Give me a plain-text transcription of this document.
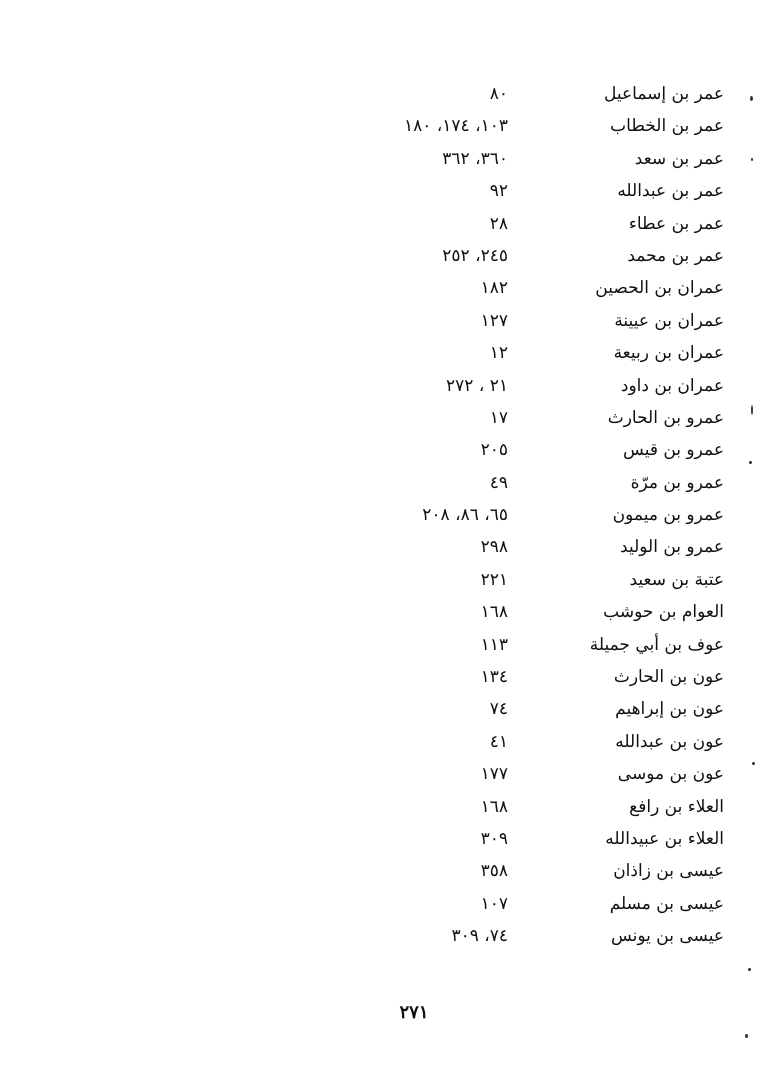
عمر بن إسماعيل
٨٠
عمر بن الخطاب
١٠٣، ١٧٤، ١٨٠
عمر بن سعد
٣٦٠، ٣٦٢
عمر بن عبدالله
٩٢
عمر بن عطاء
٢٨
عمر بن محمد
٢٤٥، ٢٥٢
عمران بن الحصين
١٨٢
عمران بن عيينة
١٢٧
عمران بن ربيعة
١٢
عمران بن داود
٢١ ، ٢٧٢
عمرو بن الحارث
١٧
عمرو بن قيس
٢٠٥
عمرو بن مرّة
٤٩
عمرو بن ميمون
٦٥، ٨٦، ٢٠٨
عمرو بن الوليد
٢٩٨
عتبة بن سعيد
٢٢١
العوام بن حوشب
١٦٨
عوف بن أبي جميلة
١١٣
عون بن الحارث
١٣٤
عون بن إبراهيم
٧٤
عون بن عبدالله
٤١
عون بن موسى
١٧٧
العلاء بن رافع
١٦٨
العلاء بن عبيدالله
٣٠٩
عيسى بن زاذان
٣٥٨
عيسى بن مسلم
١٠٧
عيسى بن يونس
٧٤، ٣٠٩
٢٧١
